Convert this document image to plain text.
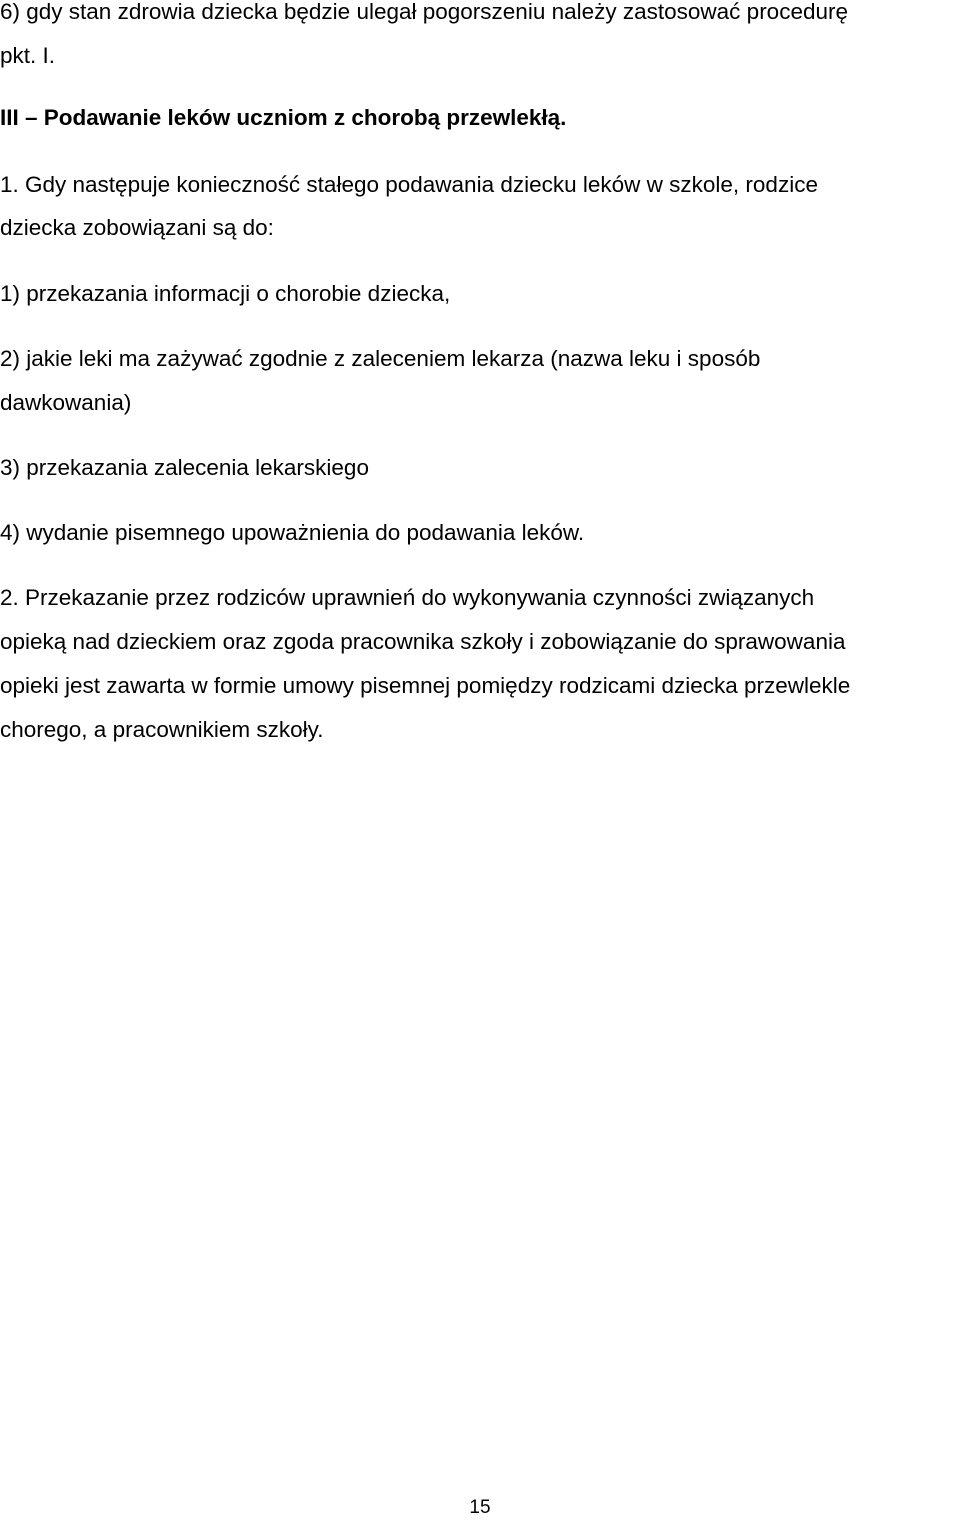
6) gdy stan zdrowia dziecka będzie ulegał pogorszeniu należy zastosować procedurę

pkt. I.

III – Podawanie leków uczniom z chorobą przewlekłą.

1. Gdy następuje konieczność stałego podawania dziecku leków w szkole, rodzice

dziecka zobowiązani są do:

1) przekazania informacji o chorobie dziecka,

2) jakie leki ma zażywać zgodnie z zaleceniem lekarza (nazwa leku i sposób

dawkowania)

3) przekazania zalecenia lekarskiego

4) wydanie pisemnego upoważnienia do podawania leków.

2. Przekazanie przez rodziców uprawnień do wykonywania czynności związanych

opieką nad dzieckiem oraz zgoda pracownika szkoły i zobowiązanie do sprawowania

opieki jest zawarta w formie umowy pisemnej pomiędzy rodzicami dziecka przewlekle

chorego, a pracownikiem szkoły.

15
